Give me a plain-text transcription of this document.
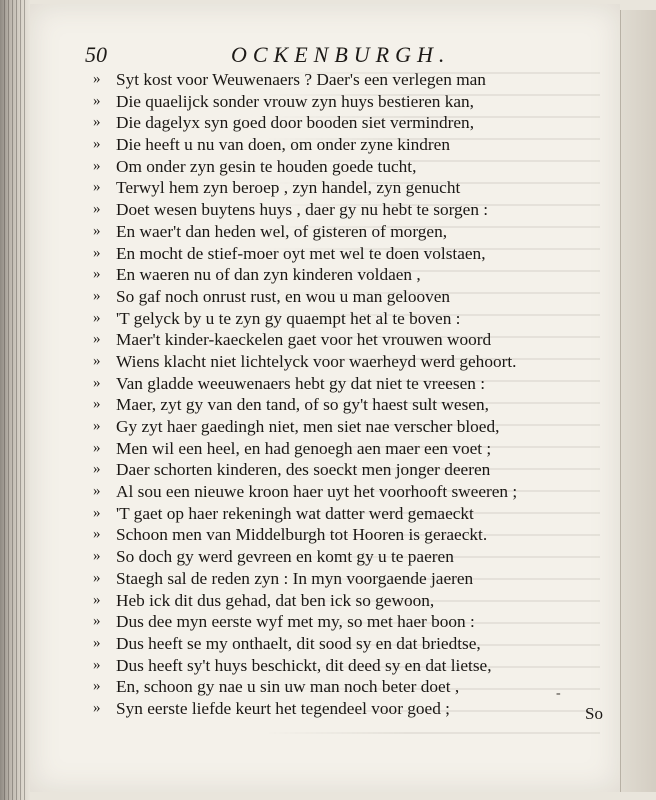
50	OCKENBURGH.
» Syt kost voor Weuwenaers ? Daer's een verlegen man
» Die quaelijck sonder vrouw zyn huys bestieren kan,
» Die dagelyx syn goed door booden siet vermindren,
» Die heeft u nu van doen, om onder zyne kindren
» Om onder zyn gesin te houden goede tucht,
» Terwyl hem zyn beroep , zyn handel, zyn genucht
» Doet wesen buytens huys , daer gy nu hebt te sorgen :
» En waer't dan heden wel, of gisteren of morgen,
» En mocht de stief-moer oyt met wel te doen volstaen,
» En waeren nu of dan zyn kinderen voldaen ,
» So gaf noch onrust rust, en wou u man gelooven
» 'T gelyck by u te zyn gy quaempt het al te boven :
» Maer't kinder-kaeckelen gaet voor het vrouwen woord
» Wiens klacht niet lichtelyck voor waerheyd werd gehoort.
» Van gladde weeuwenaers hebt gy dat niet te vreesen :
» Maer, zyt gy van den tand, of so gy't haest sult wesen,
» Gy zyt haer gaedingh niet, men siet nae verscher bloed,
» Men wil een heel, en had genoegh aen maer een voet ;
» Daer schorten kinderen, des soeckt men jonger deeren
» Al sou een nieuwe kroon haer uyt het voorhooft sweeren ;
» 'T gaet op haer rekeningh wat datter werd gemaeckt
» Schoon men van Middelburgh tot Hooren is geraeckt.
» So doch gy werd gevreen en komt gy u te paeren
» Staegh sal de reden zyn : In myn voorgaende jaeren
» Heb ick dit dus gehad, dat ben ick so gewoon,
» Dus dee myn eerste wyf met my, so met haer boon :
» Dus heeft se my onthaelt, dit sood sy en dat briedtse,
» Dus heeft sy't huys beschickt, dit deed sy en dat lietse,
» En, schoon gy nae u sin uw man noch beter doet ,
» Syn eerste liefde keurt het tegendeel voor goed ;
-
So
